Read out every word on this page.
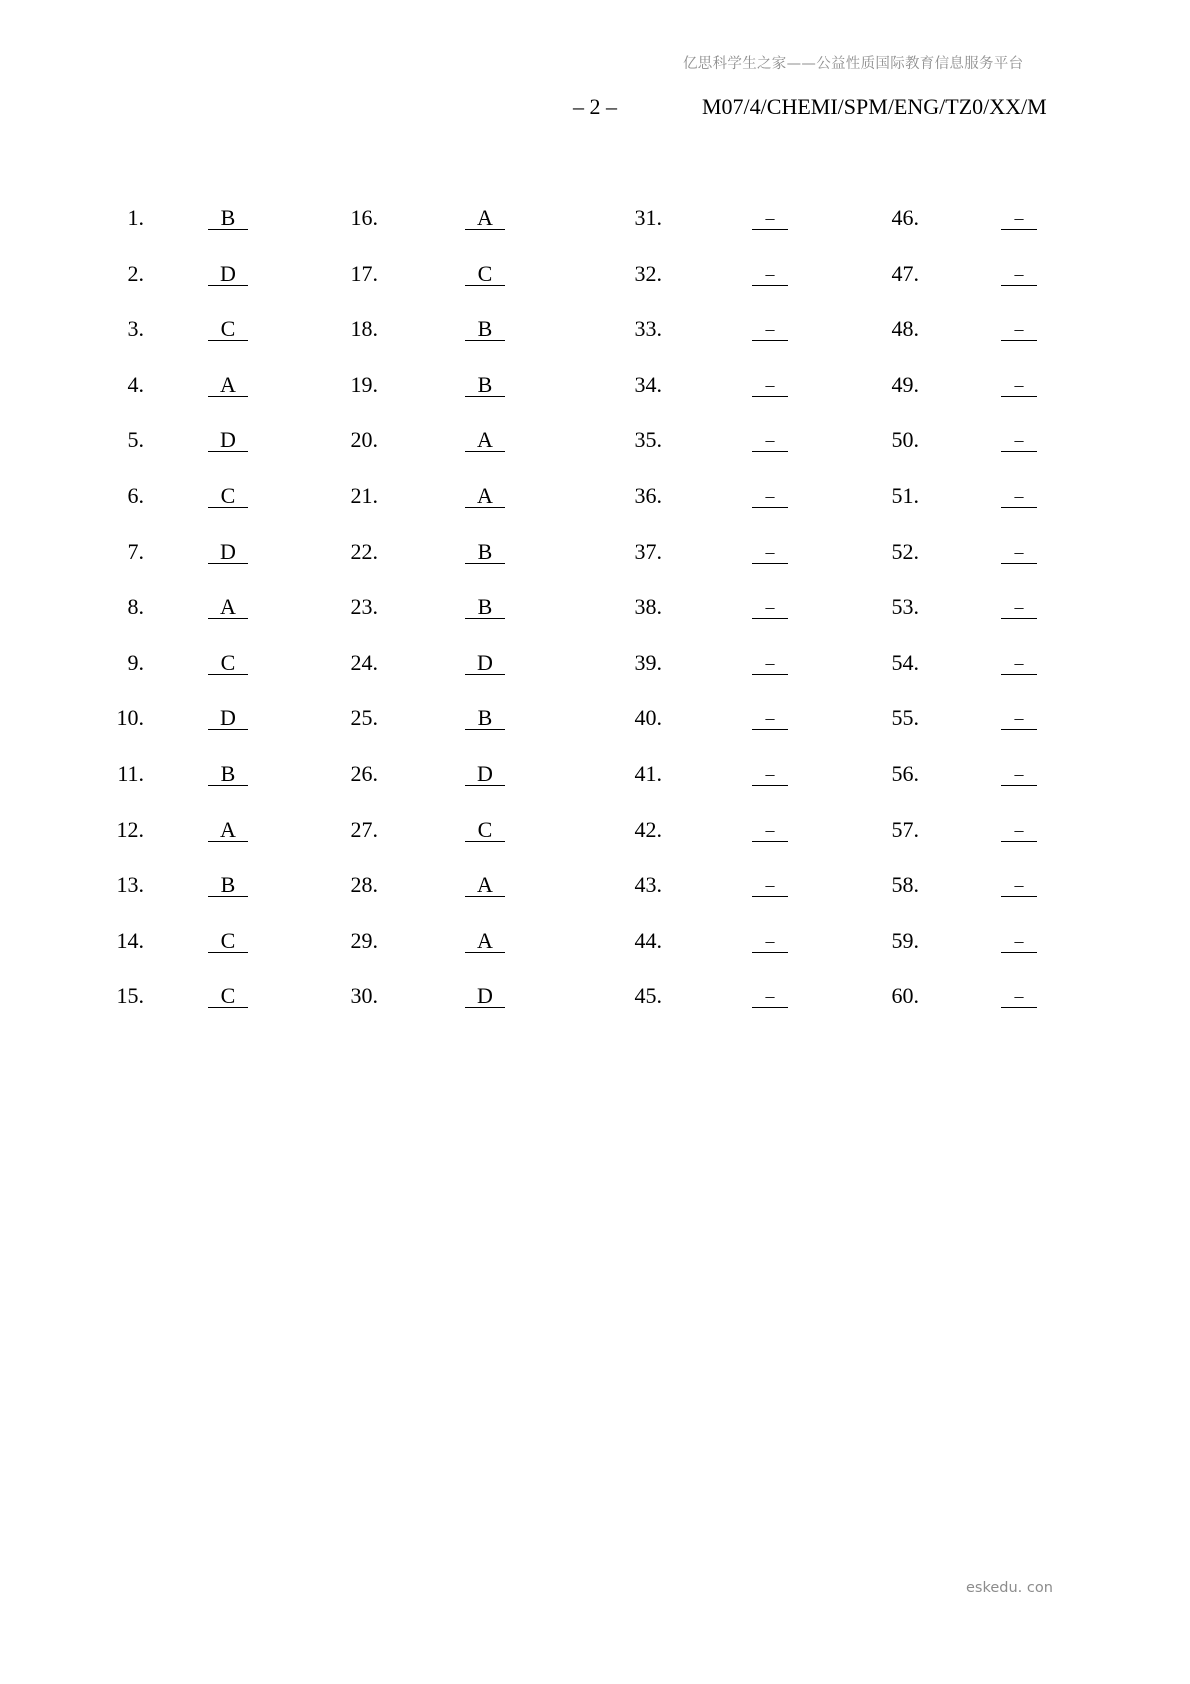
亿思科学生之家——公益性质国际教育信息服务平台
– 2 –	M07/4/CHEMI/SPM/ENG/TZ0/XX/M
1.	B	16.	A	31.	–	46.	–
2.	D	17.	C	32.	–	47.	–
3.	C	18.	B	33.	–	48.	–
4.	A	19.	B	34.	–	49.	–
5.	D	20.	A	35.	–	50.	–
6.	C	21.	A	36.	–	51.	–
7.	D	22.	B	37.	–	52.	–
8.	A	23.	B	38.	–	53.	–
9.	C	24.	D	39.	–	54.	–
10.	D	25.	B	40.	–	55.	–
11.	B	26.	D	41.	–	56.	–
12.	A	27.	C	42.	–	57.	–
13.	B	28.	A	43.	–	58.	–
14.	C	29.	A	44.	–	59.	–
15.	C	30.	D	45.	–	60.	–
eskedu. con
